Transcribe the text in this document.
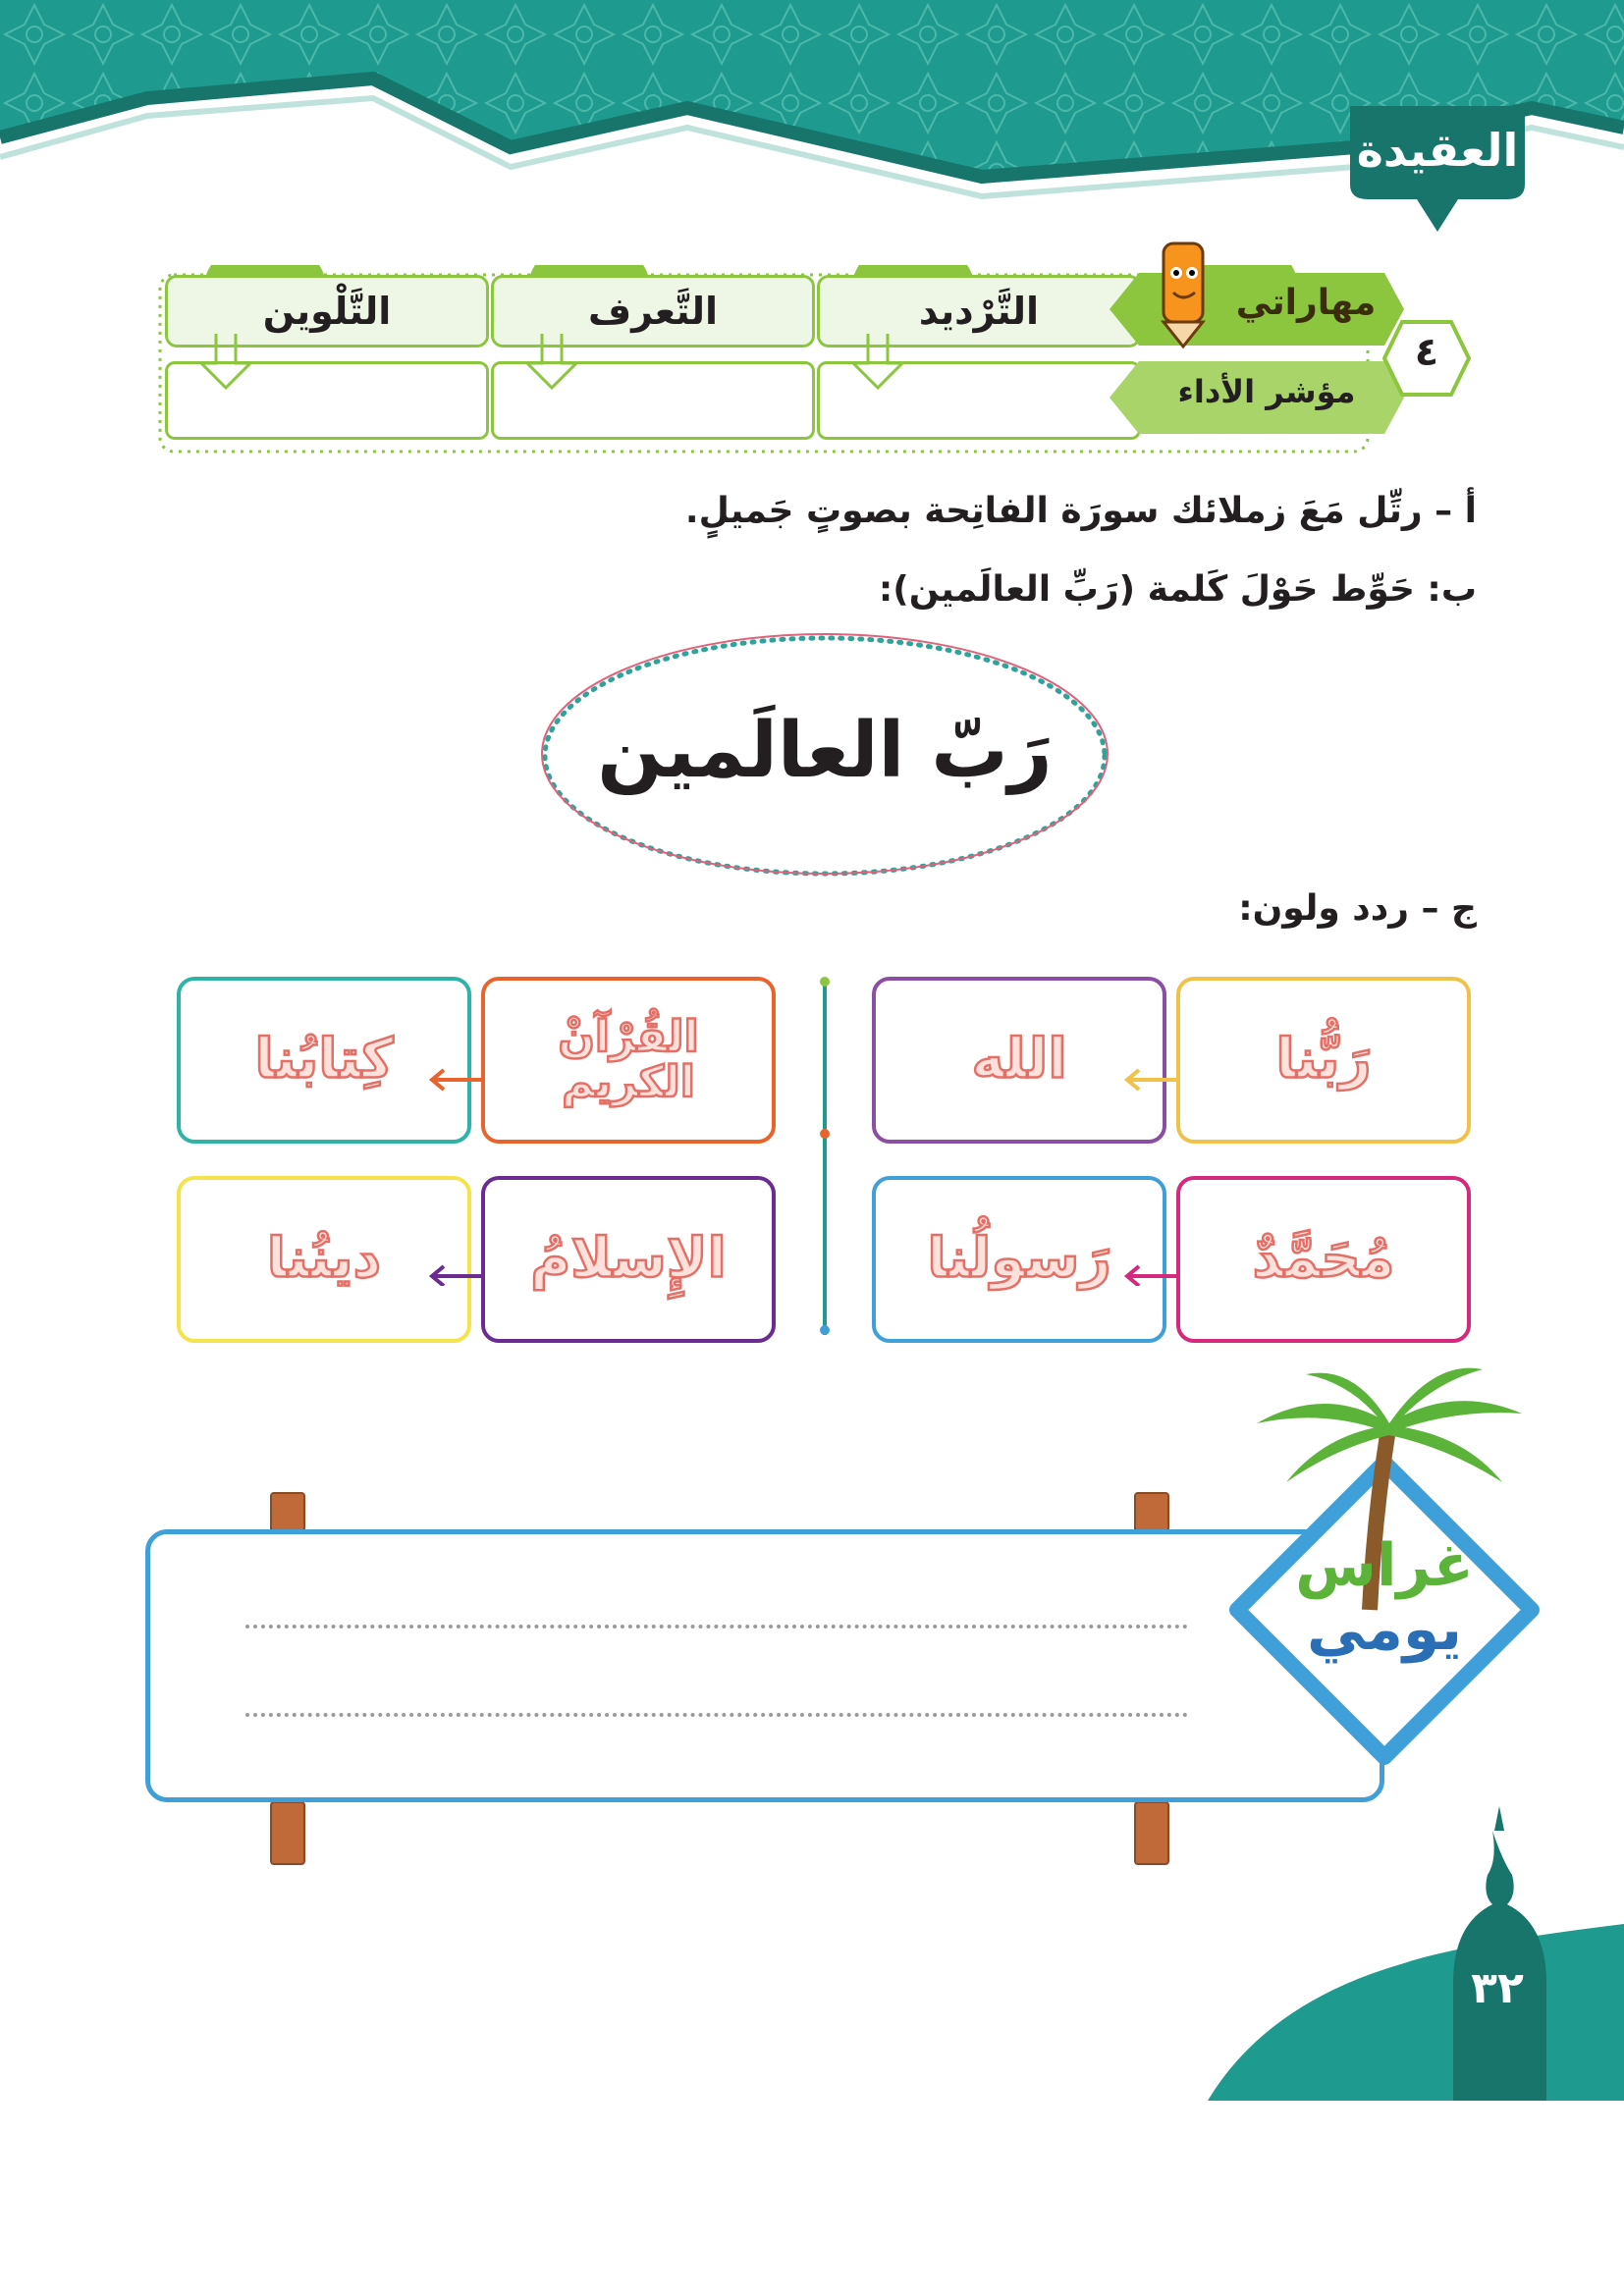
العقيدة
التَّلْوين	التَّعرف	التَّرْديد	مهاراتي
مؤشر الأداء
٤
أ – رتِّل مَعَ زملائك سورَة الفاتِحة بصوتٍ جَميلٍ.
ب: حَوِّط حَوْلَ كَلمة (رَبِّ العالَمين):
رَبّ العالَمين
ج – ردد ولون:
رَبُّنا
الله
القُرْآنْ الكريم
كِتابُنا
مُحَمَّدٌ
رَسولُنا
الإِسلامُ
دينُنا
غراس
يومي
٣٢
